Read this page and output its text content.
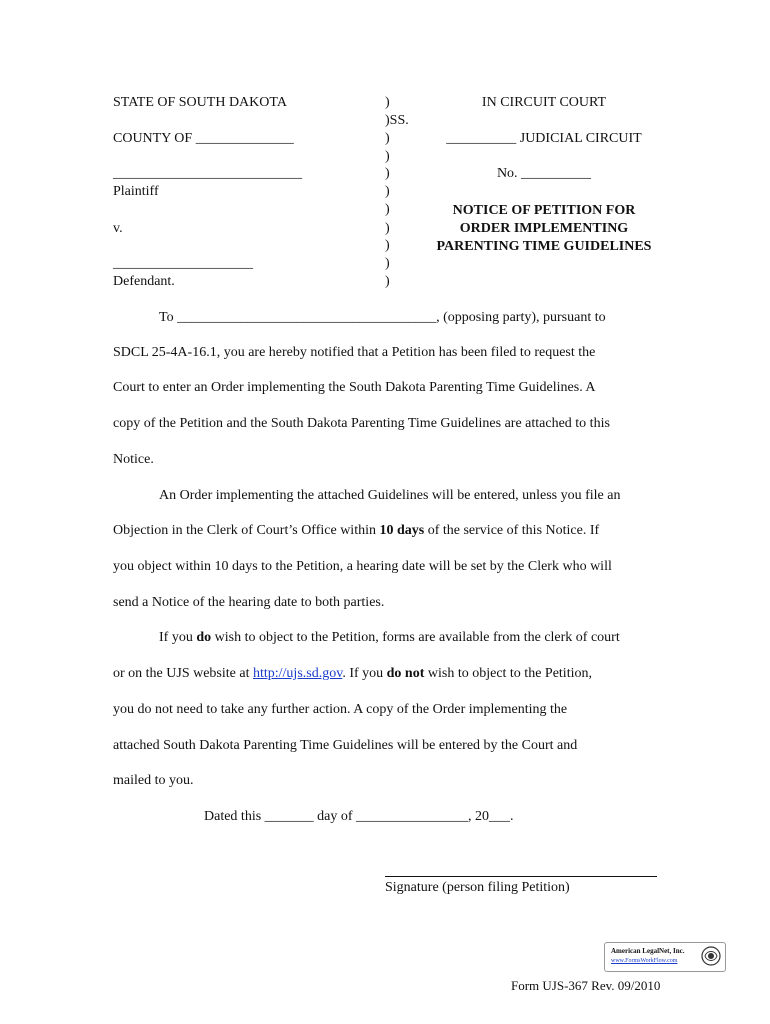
STATE OF SOUTH DAKOTA
COUNTY OF ______________
___________________________
Plaintiff
v.
____________________
Defendant.
)
)SS.
)
)
)
)
)
)
)
)
)
IN CIRCUIT COURT
__________ JUDICIAL CIRCUIT
No. __________
NOTICE OF PETITION FOR
ORDER IMPLEMENTING
PARENTING TIME GUIDELINES
To _____________________________________, (opposing party), pursuant to
SDCL 25-4A-16.1, you are hereby notified that a Petition has been filed to request the
Court to enter an Order implementing the South Dakota Parenting Time Guidelines. A
copy of the Petition and the South Dakota Parenting Time Guidelines are attached to this
Notice.
An Order implementing the attached Guidelines will be entered, unless you file an
Objection in the Clerk of Court’s Office within 10 days of the service of this Notice. If
you object within 10 days to the Petition, a hearing date will be set by the Clerk who will
send a Notice of the hearing date to both parties.
If you do wish to object to the Petition, forms are available from the clerk of court
or on the UJS website at http://ujs.sd.gov. If you do not wish to object to the Petition,
you do not need to take any further action. A copy of the Order implementing the
attached South Dakota Parenting Time Guidelines will be entered by the Court and
mailed to you.
Dated this _______ day of ________________, 20___.
Signature (person filing Petition)
American LegalNet, Inc.
www.FormsWorkFlow.com
Form UJS-367 Rev. 09/2010
